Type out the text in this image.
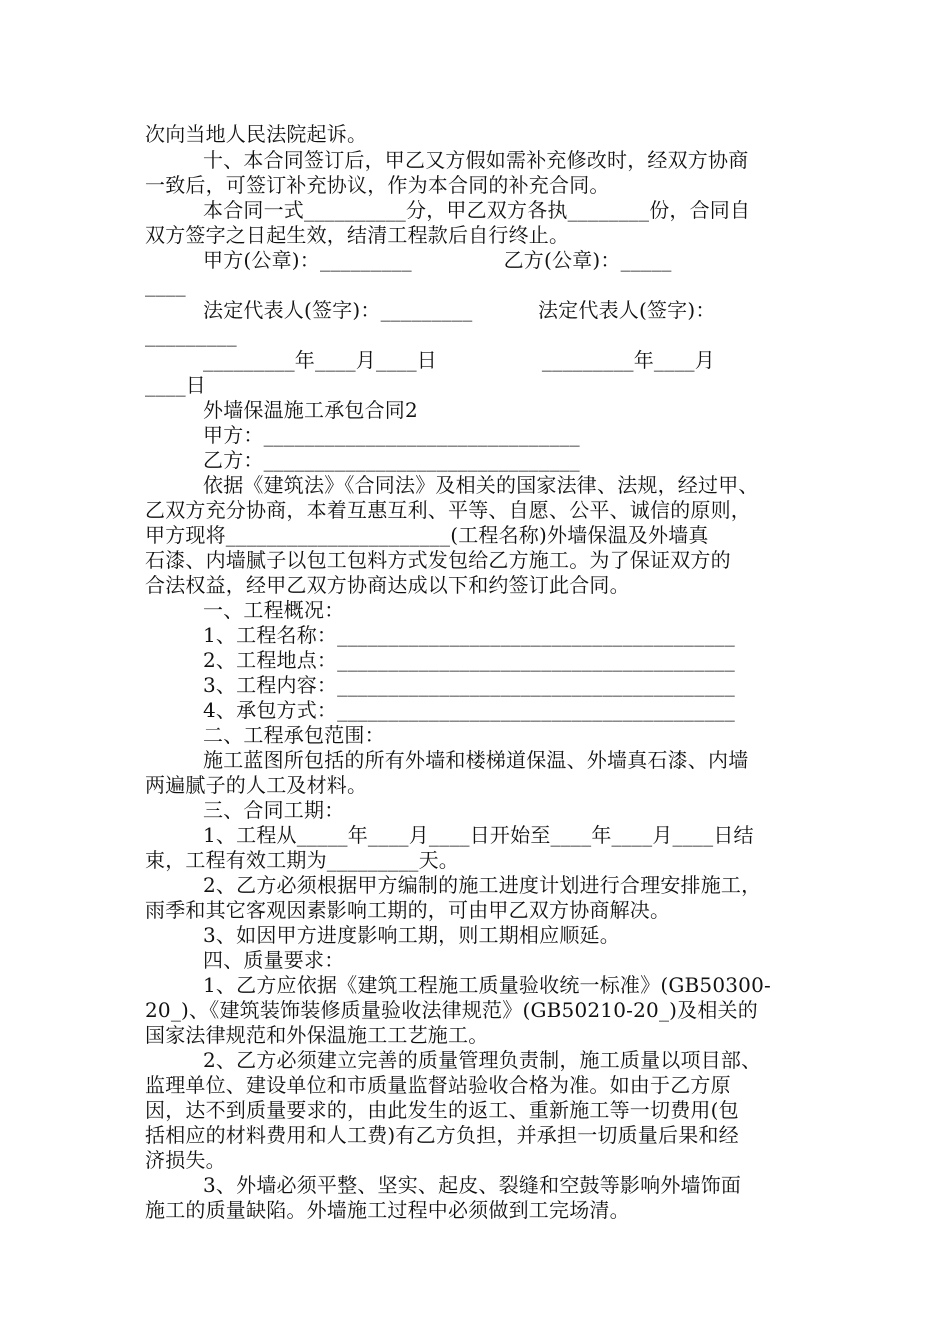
次向当地人民法院起诉。
十、本合同签订后，甲乙又方假如需补充修改时，经双方协商
一致后，可签订补充协议，作为本合同的补充合同。
本合同一式__________分，甲乙双方各执________份，合同自
双方签字之日起生效，结清工程款后自行终止。
甲方(公章)：_________              乙方(公章)：_____
____
法定代表人(签字)：_________          法定代表人(签字)：
_________
_________年____月____日                _________年____月
____日
外墙保温施工承包合同2
甲方：_______________________________
乙方：_______________________________
依据《建筑法》《合同法》及相关的国家法律、法规，经过甲、
乙双方充分协商，本着互惠互利、平等、自愿、公平、诚信的原则，
甲方现将______________________(工程名称)外墙保温及外墙真
石漆、内墙腻子以包工包料方式发包给乙方施工。为了保证双方的
合法权益，经甲乙双方协商达成以下和约签订此合同。
一、工程概况：
1、工程名称：_______________________________________
2、工程地点：_______________________________________
3、工程内容：_______________________________________
4、承包方式：_______________________________________
二、工程承包范围：
施工蓝图所包括的所有外墙和楼梯道保温、外墙真石漆、内墙
两遍腻子的人工及材料。
三、合同工期：
1、工程从_____年____月____日开始至____年____月____日结
束，工程有效工期为_________天。
2、乙方必须根据甲方编制的施工进度计划进行合理安排施工，
雨季和其它客观因素影响工期的，可由甲乙双方协商解决。
3、如因甲方进度影响工期，则工期相应顺延。
四、质量要求：
1、乙方应依据《建筑工程施工质量验收统一标准》(GB50300-
20_)、《建筑装饰装修质量验收法律规范》(GB50210-20_)及相关的
国家法律规范和外保温施工工艺施工。
2、乙方必须建立完善的质量管理负责制，施工质量以项目部、
监理单位、建设单位和市质量监督站验收合格为准。如由于乙方原
因，达不到质量要求的，由此发生的返工、重新施工等一切费用(包
括相应的材料费用和人工费)有乙方负担，并承担一切质量后果和经
济损失。
3、外墙必须平整、坚实、起皮、裂缝和空鼓等影响外墙饰面
施工的质量缺陷。外墙施工过程中必须做到工完场清。
